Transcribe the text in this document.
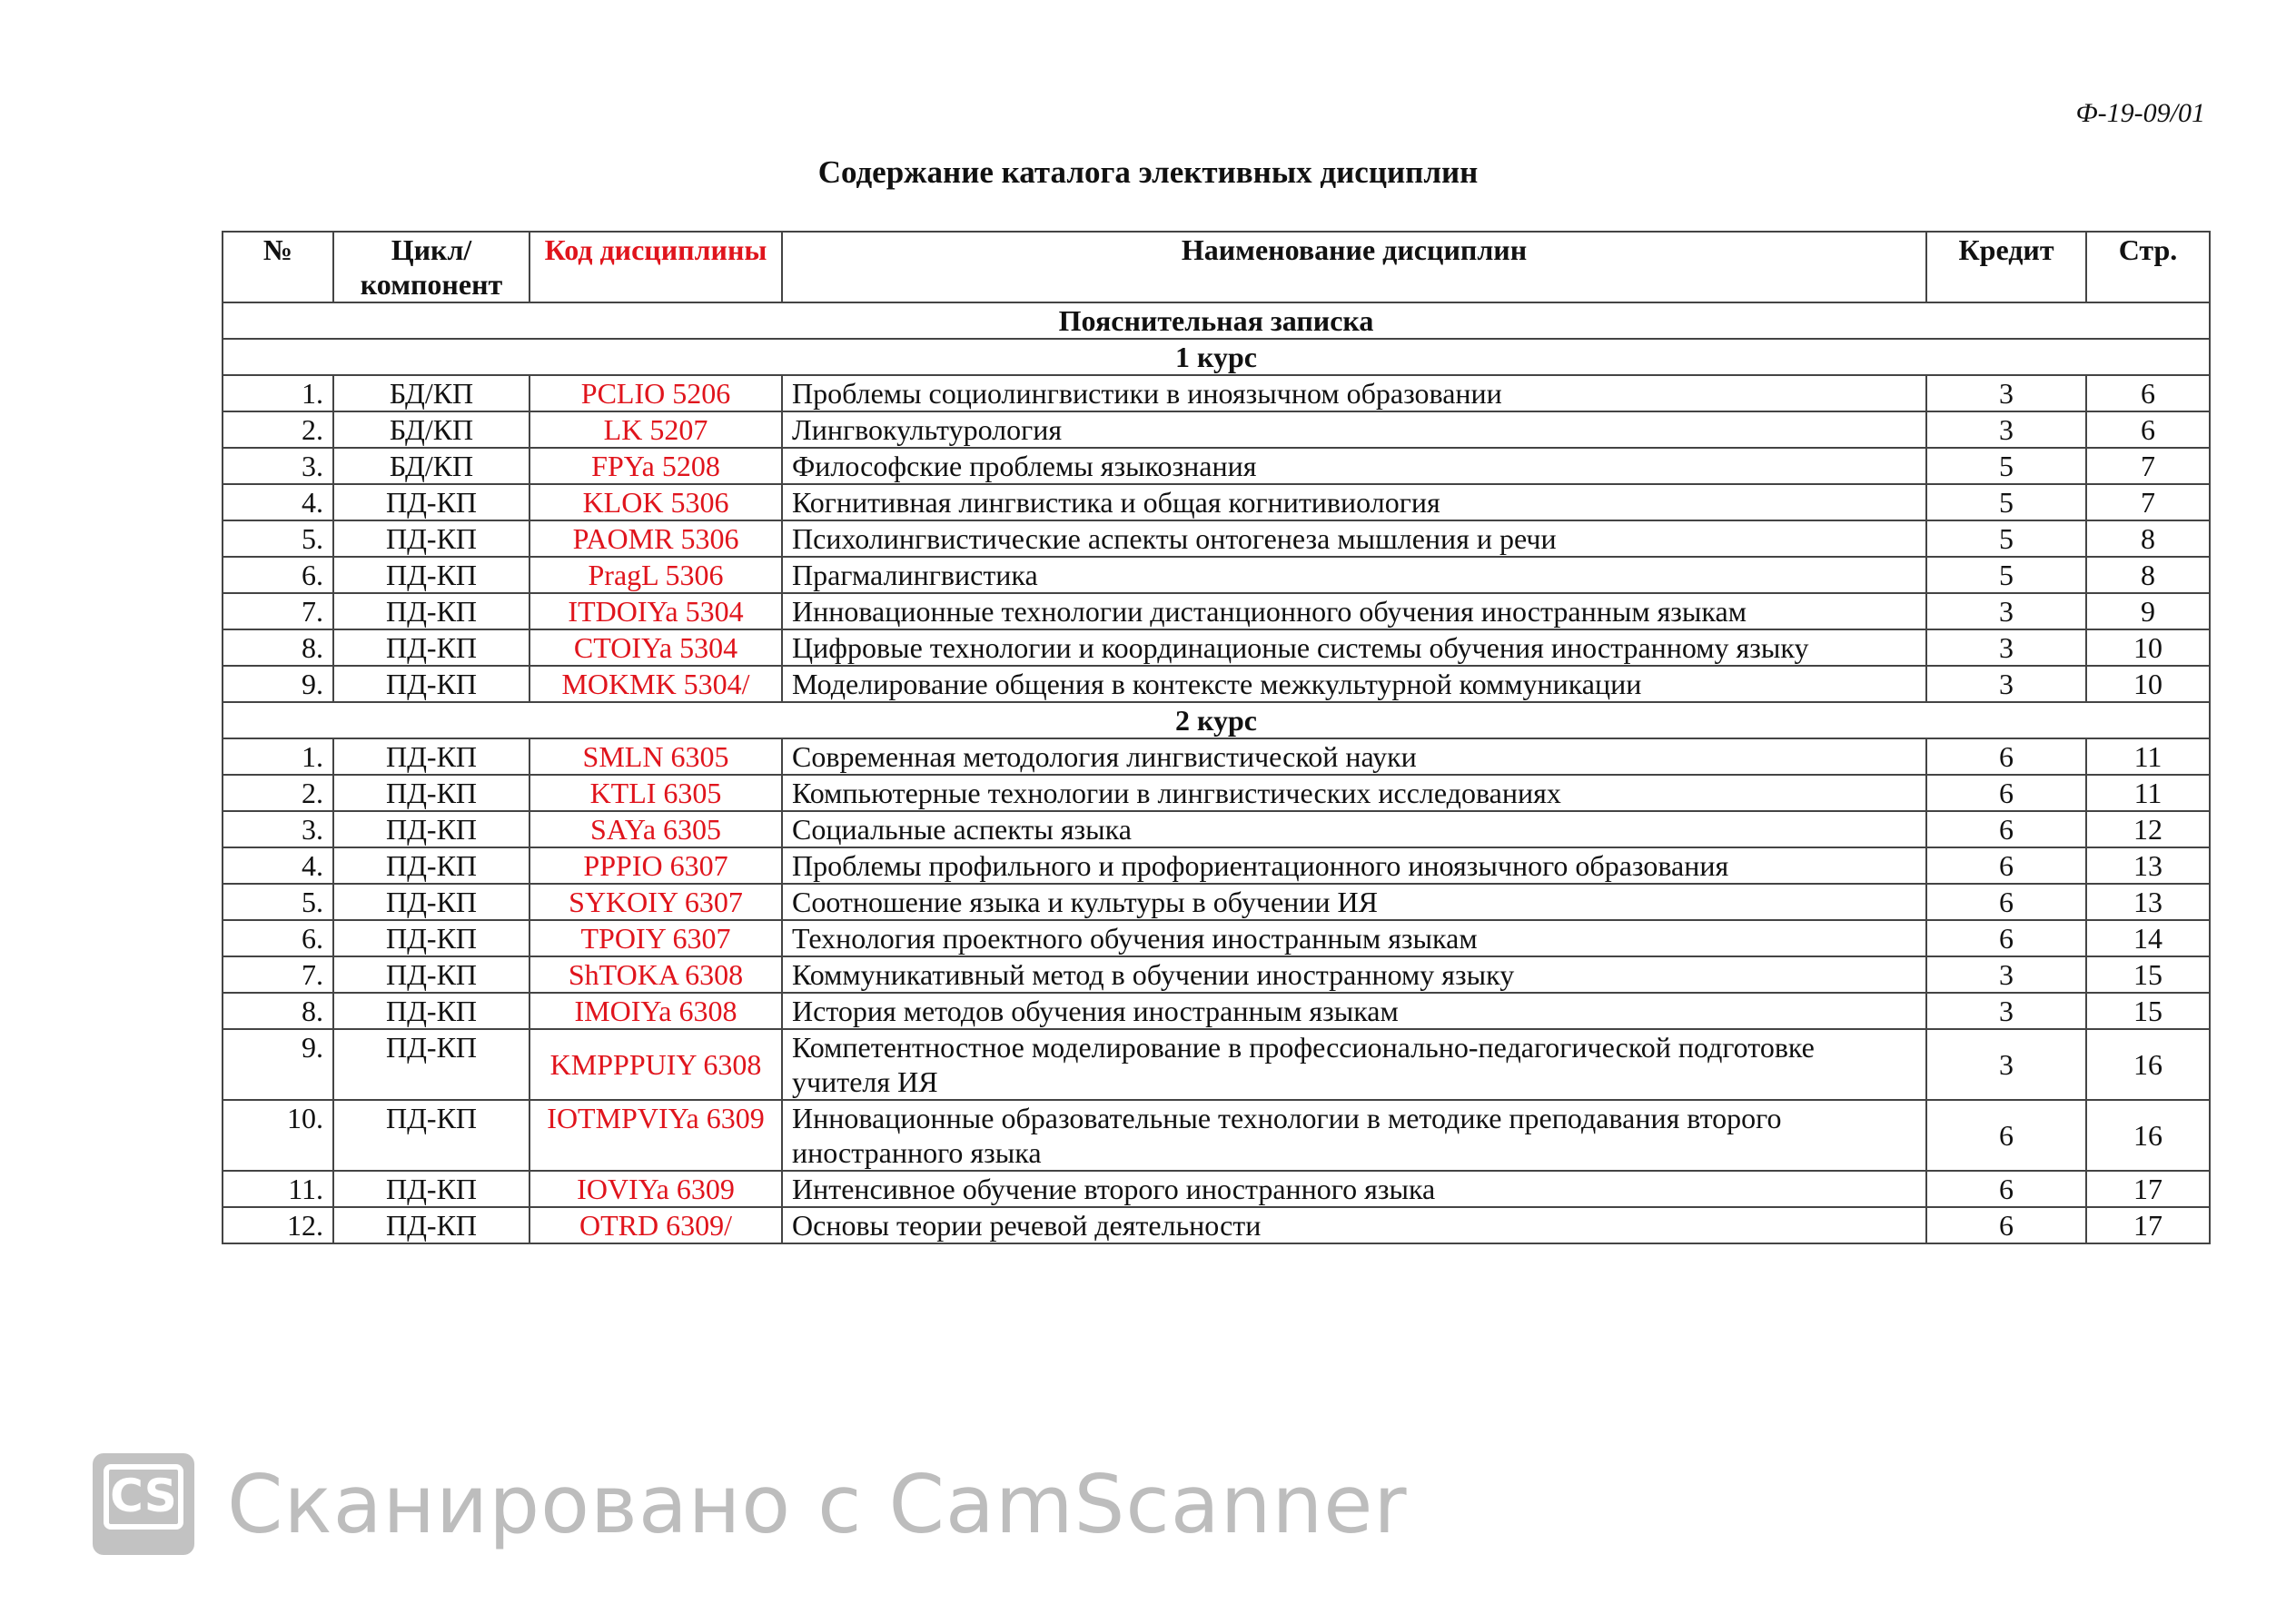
Ф-19-09/01
Содержание каталога элективных дисциплин
№	Цикл/ компонент	Код дисциплины	Наименование дисциплин	Кредит	Стр.
Пояснительная записка					
1 курс					
1.	БД/КП	PCLIO 5206	Проблемы социолингвистики в иноязычном образовании	3	6
2.	БД/КП	LK 5207	Лингвокультурология	3	6
3.	БД/КП	FPYa 5208	Философские проблемы языкознания	5	7
4.	ПД-КП	KLOK 5306	Когнитивная лингвистика и общая когнитивиология	5	7
5.	ПД-КП	PAOMR 5306	Психолингвистические аспекты онтогенеза мышления и речи	5	8
6.	ПД-КП	PragL 5306	Прагмалингвистика	5	8
7.	ПД-КП	ITDOIYa 5304	Инновационные технологии дистанционного обучения иностранным языкам	3	9
8.	ПД-КП	CTOIYa 5304	Цифровые технологии и координационые системы обучения иностранному языку	3	10
9.	ПД-КП	MOKMK 5304/	Моделирование общения в контексте межкультурной коммуникации	3	10
2 курс					
1.	ПД-КП	SMLN 6305	Современная методология лингвистической науки	6	11
2.	ПД-КП	KTLI 6305	Компьютерные технологии в лингвистических исследованиях	6	11
3.	ПД-КП	SAYa 6305	Социальные аспекты языка	6	12
4.	ПД-КП	PPPIO 6307	Проблемы профильного и профориентационного иноязычного образования	6	13
5.	ПД-КП	SYKOIY 6307	Соотношение языка и культуры в обучении ИЯ	6	13
6.	ПД-КП	TPOIY 6307	Технология проектного обучения иностранным языкам	6	14
7.	ПД-КП	ShTOKA 6308	Коммуникативный метод в обучении иностранному языку	3	15
8.	ПД-КП	IMOIYa 6308	История методов обучения иностранным языкам	3	15
9.	ПД-КП	KMPPPUIY 6308	Компетентностное моделирование в профессионально-педагогической подготовке учителя ИЯ	3	16
10.	ПД-КП	IOTMPVIYa 6309	Инновационные образовательные технологии в методике преподавания второго иностранного языка	6	16
11.	ПД-КП	IOVIYa 6309	Интенсивное обучение второго иностранного языка	6	17
12.	ПД-КП	OTRD 6309/	Основы теории речевой деятельности	6	17
CS Сканировано с CamScanner
